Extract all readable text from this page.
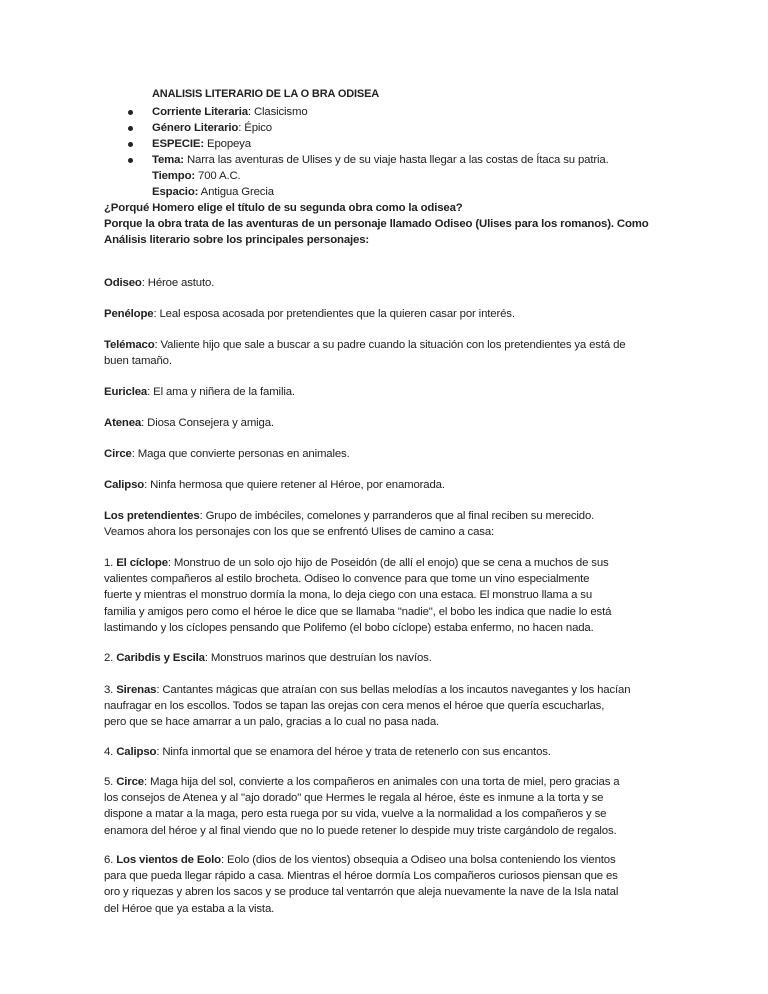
ANALISIS LITERARIO DE LA O BRA ODISEA
Corriente Literaria: Clasicismo
Género Literario: Épico
ESPECIE: Epopeya
Tema: Narra las aventuras de Ulises y de su viaje hasta llegar a las costas de Ítaca su patria.
Tiempo: 700 A.C.
Espacio: Antigua Grecia
¿Porqué Homero elige el título de su segunda obra como la odisea?
Porque la obra trata de las aventuras de un personaje llamado Odiseo (Ulises para los romanos). Como
Análisis literario sobre los principales personajes:

Odiseo: Héroe astuto.

Penélope: Leal esposa acosada por pretendientes que la quieren casar por interés.

Telémaco: Valiente hijo que sale a buscar a su padre cuando la situación con los pretendientes ya está de

buen tamaño.

Euriclea: El ama y niñera de la familia.

Atenea: Diosa Consejera y amiga.

Circe: Maga que convierte personas en animales.

Calipso: Ninfa hermosa que quiere retener al Héroe, por enamorada.

Los pretendientes: Grupo de imbéciles, comelones y parranderos que al final reciben su merecido.

Veamos ahora los personajes con los que se enfrentó Ulises de camino a casa:

1. El cíclope: Monstruo de un solo ojo hijo de Poseidón (de allí el enojo) que se cena a muchos de sus

valientes compañeros al estilo brocheta. Odiseo lo convence para que tome un vino especialmente

fuerte y mientras el monstruo dormía la mona, lo deja ciego con una estaca. El monstruo llama a su

familia y amigos pero como el héroe le dice que se llamaba "nadie", el bobo les indica que nadie lo está

lastimando y los cíclopes pensando que Polifemo (el bobo cíclope) estaba enfermo, no hacen nada.

2. Caribdis y Escila: Monstruos marinos que destruían los navíos.

3. Sirenas: Cantantes mágicas que atraían con sus bellas melodías a los incautos navegantes y los hacían

naufragar en los escollos. Todos se tapan las orejas con cera menos el héroe que quería escucharlas,

pero que se hace amarrar a un palo, gracias a lo cual no pasa nada.

4. Calipso: Ninfa inmortal que se enamora del héroe y trata de retenerlo con sus encantos.

5. Circe: Maga hija del sol, convierte a los compañeros en animales con una torta de miel, pero gracias a

los consejos de Atenea y al "ajo dorado" que Hermes le regala al héroe, éste es inmune a la torta y se

dispone a matar a la maga, pero esta ruega por su vida, vuelve a la normalidad a los compañeros y se

enamora del héroe y al final viendo que no lo puede retener lo despide muy triste cargándolo de regalos.

6. Los vientos de Eolo: Eolo (dios de los vientos) obsequia a Odiseo una bolsa conteniendo los vientos

para que pueda llegar rápido a casa. Mientras el héroe dormía Los compañeros curiosos piensan que es

oro y riquezas y abren los sacos y se produce tal ventarrón que aleja nuevamente la nave de la Isla natal

del Héroe que ya estaba a la vista.
